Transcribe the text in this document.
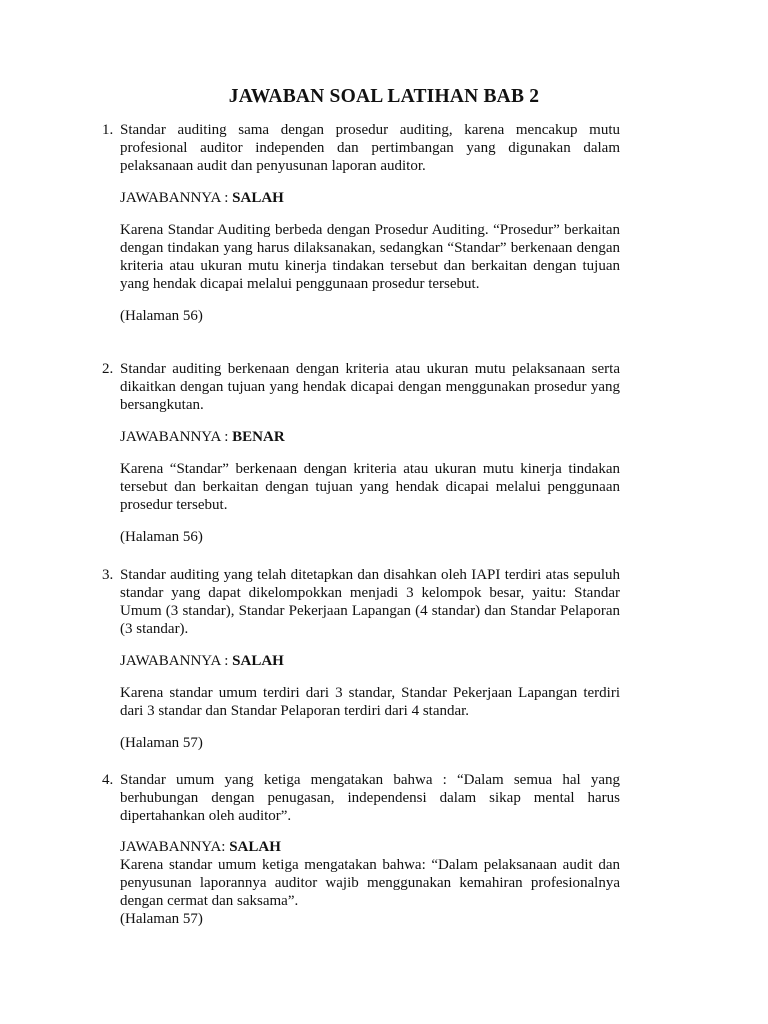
JAWABAN SOAL LATIHAN BAB 2
1. Standar auditing sama dengan prosedur auditing, karena mencakup mutu profesional auditor independen dan pertimbangan yang digunakan dalam pelaksanaan audit dan penyusunan laporan auditor.

JAWABANNYA : SALAH

Karena Standar Auditing berbeda dengan Prosedur Auditing. “Prosedur” berkaitan dengan tindakan yang harus dilaksanakan, sedangkan “Standar” berkenaan dengan kriteria atau ukuran mutu kinerja tindakan tersebut dan berkaitan dengan tujuan yang hendak dicapai melalui penggunaan prosedur tersebut.

(Halaman 56)

2. Standar auditing berkenaan dengan kriteria atau ukuran mutu pelaksanaan serta dikaitkan dengan tujuan yang hendak dicapai dengan menggunakan prosedur yang bersangkutan.

JAWABANNYA : BENAR

Karena “Standar” berkenaan dengan kriteria atau ukuran mutu kinerja tindakan tersebut dan berkaitan dengan tujuan yang hendak dicapai melalui penggunaan prosedur tersebut.

(Halaman 56)

3. Standar auditing yang telah ditetapkan dan disahkan oleh IAPI terdiri atas sepuluh standar yang dapat dikelompokkan menjadi 3 kelompok besar, yaitu: Standar Umum (3 standar), Standar Pekerjaan Lapangan (4 standar) dan Standar Pelaporan (3 standar).

JAWABANNYA : SALAH

Karena standar umum terdiri dari 3 standar, Standar Pekerjaan Lapangan terdiri dari 3 standar dan Standar Pelaporan terdiri dari 4 standar.

(Halaman 57)

4. Standar umum yang ketiga mengatakan bahwa : “Dalam semua hal yang berhubungan dengan penugasan, independensi dalam sikap mental harus dipertahankan oleh auditor”.

JAWABANNYA: SALAH

Karena standar umum ketiga mengatakan bahwa: “Dalam pelaksanaan audit dan penyusunan laporannya auditor wajib menggunakan kemahiran profesionalnya dengan cermat dan saksama”.

(Halaman 57)
